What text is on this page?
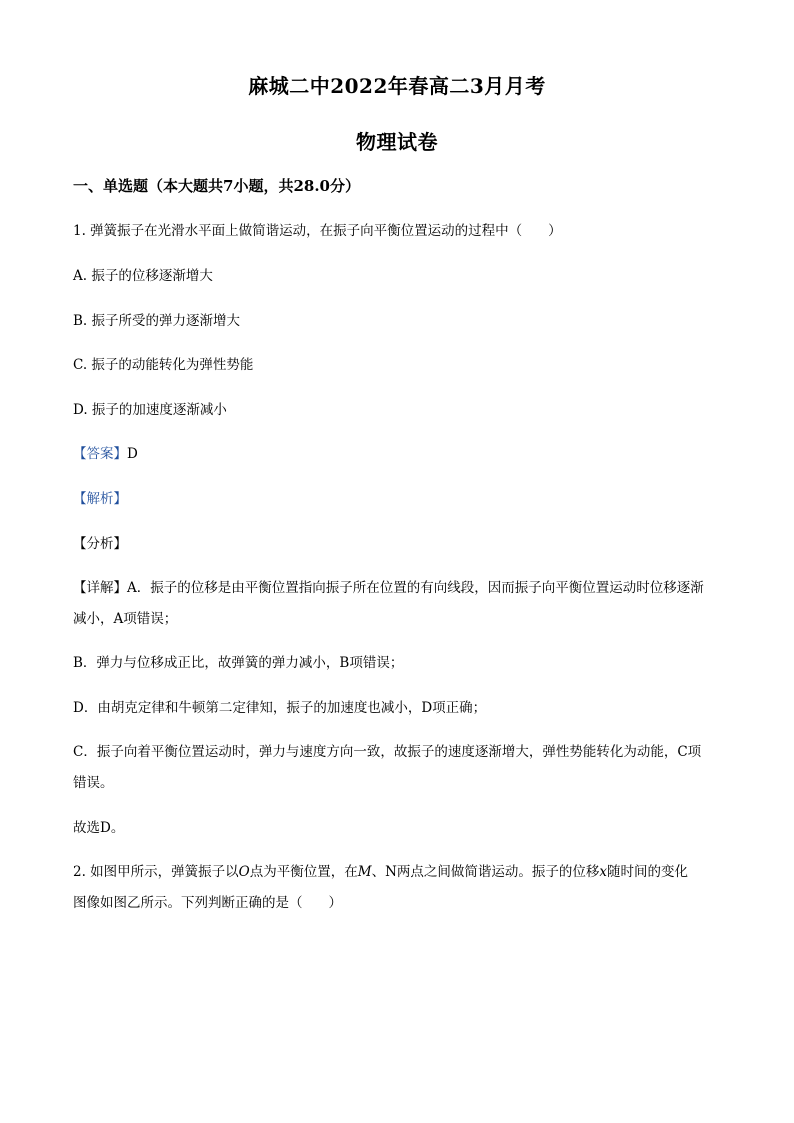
麻城二中2022年春高二3月月考
物理试卷
一、单选题（本大题共7小题，共28.0分）
1. 弹簧振子在光滑水平面上做简谐运动，在振子向平衡位置运动的过程中（ ）
A. 振子的位移逐渐增大
B. 振子所受的弹力逐渐增大
C. 振子的动能转化为弹性势能
D. 振子的加速度逐渐减小
【答案】D
【解析】
【分析】
【详解】A．振子的位移是由平衡位置指向振子所在位置的有向线段，因而振子向平衡位置运动时位移逐渐
减小，A项错误；
B．弹力与位移成正比，故弹簧的弹力减小，B项错误；
D．由胡克定律和牛顿第二定律知，振子的加速度也减小，D项正确；
C．振子向着平衡位置运动时，弹力与速度方向一致，故振子的速度逐渐增大，弹性势能转化为动能，C项
错误。
故选D。
2. 如图甲所示，弹簧振子以O点为平衡位置，在M、N两点之间做简谐运动。振子的位移x随时间的变化
图像如图乙所示。下列判断正确的是（ ）
